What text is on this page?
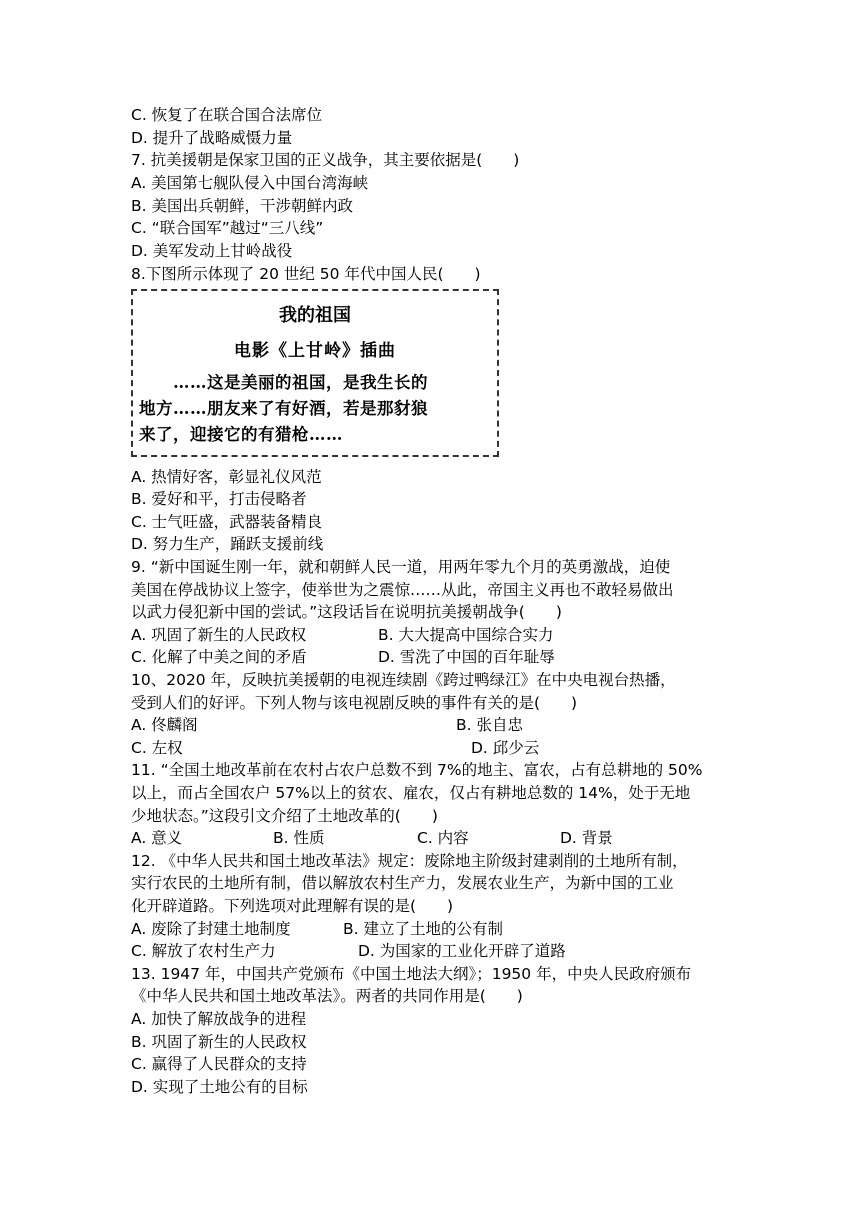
C. 恢复了在联合国合法席位

D. 提升了战略威慑力量

7. 抗美援朝是保家卫国的正义战争，其主要依据是(　　)

A. 美国第七舰队侵入中国台湾海峡

B. 美国出兵朝鲜，干涉朝鲜内政

C. “联合国军”越过“三八线”

D. 美军发动上甘岭战役

8.下图所示体现了 20 世纪 50 年代中国人民(　　)

我的祖国
电影《上甘岭》插曲
　　……这是美丽的祖国，是我生长的
地方……朋友来了有好酒，若是那豺狼
来了，迎接它的有猎枪……

A. 热情好客，彰显礼仪风范

B. 爱好和平，打击侵略者

C. 士气旺盛，武器装备精良

D. 努力生产，踊跃支援前线

9. “新中国诞生刚一年，就和朝鲜人民一道，用两年零九个月的英勇激战，迫使

美国在停战协议上签字，使举世为之震惊……从此，帝国主义再也不敢轻易做出

以武力侵犯新中国的尝试。”这段话旨在说明抗美援朝战争(　　)

A. 巩固了新生的人民政权	B. 大大提高中国综合实力

C. 化解了中美之间的矛盾	D. 雪洗了中国的百年耻辱

10、2020 年，反映抗美援朝的电视连续剧《跨过鸭绿江》在中央电视台热播，

受到人们的好评。下列人物与该电视剧反映的事件有关的是(　　)

A. 佟麟阁	B. 张自忠

C. 左权	D. 邱少云

11. “全国土地改革前在农村占农户总数不到 7%的地主、富农，占有总耕地的 50%

以上，而占全国农户 57%以上的贫农、雇农，仅占有耕地总数的 14%，处于无地

少地状态。”这段引文介绍了土地改革的(　　)

A. 意义	B. 性质	C. 内容	D. 背景

12. 《中华人民共和国土地改革法》规定：废除地主阶级封建剥削的土地所有制，

实行农民的土地所有制，借以解放农村生产力，发展农业生产，为新中国的工业

化开辟道路。下列选项对此理解有误的是(　　)

A. 废除了封建土地制度	B. 建立了土地的公有制

C. 解放了农村生产力	D. 为国家的工业化开辟了道路

13. 1947 年，中国共产党颁布《中国土地法大纲》；1950 年，中央人民政府颁布

《中华人民共和国土地改革法》。两者的共同作用是(　　)

A. 加快了解放战争的进程

B. 巩固了新生的人民政权

C. 赢得了人民群众的支持

D. 实现了土地公有的目标
